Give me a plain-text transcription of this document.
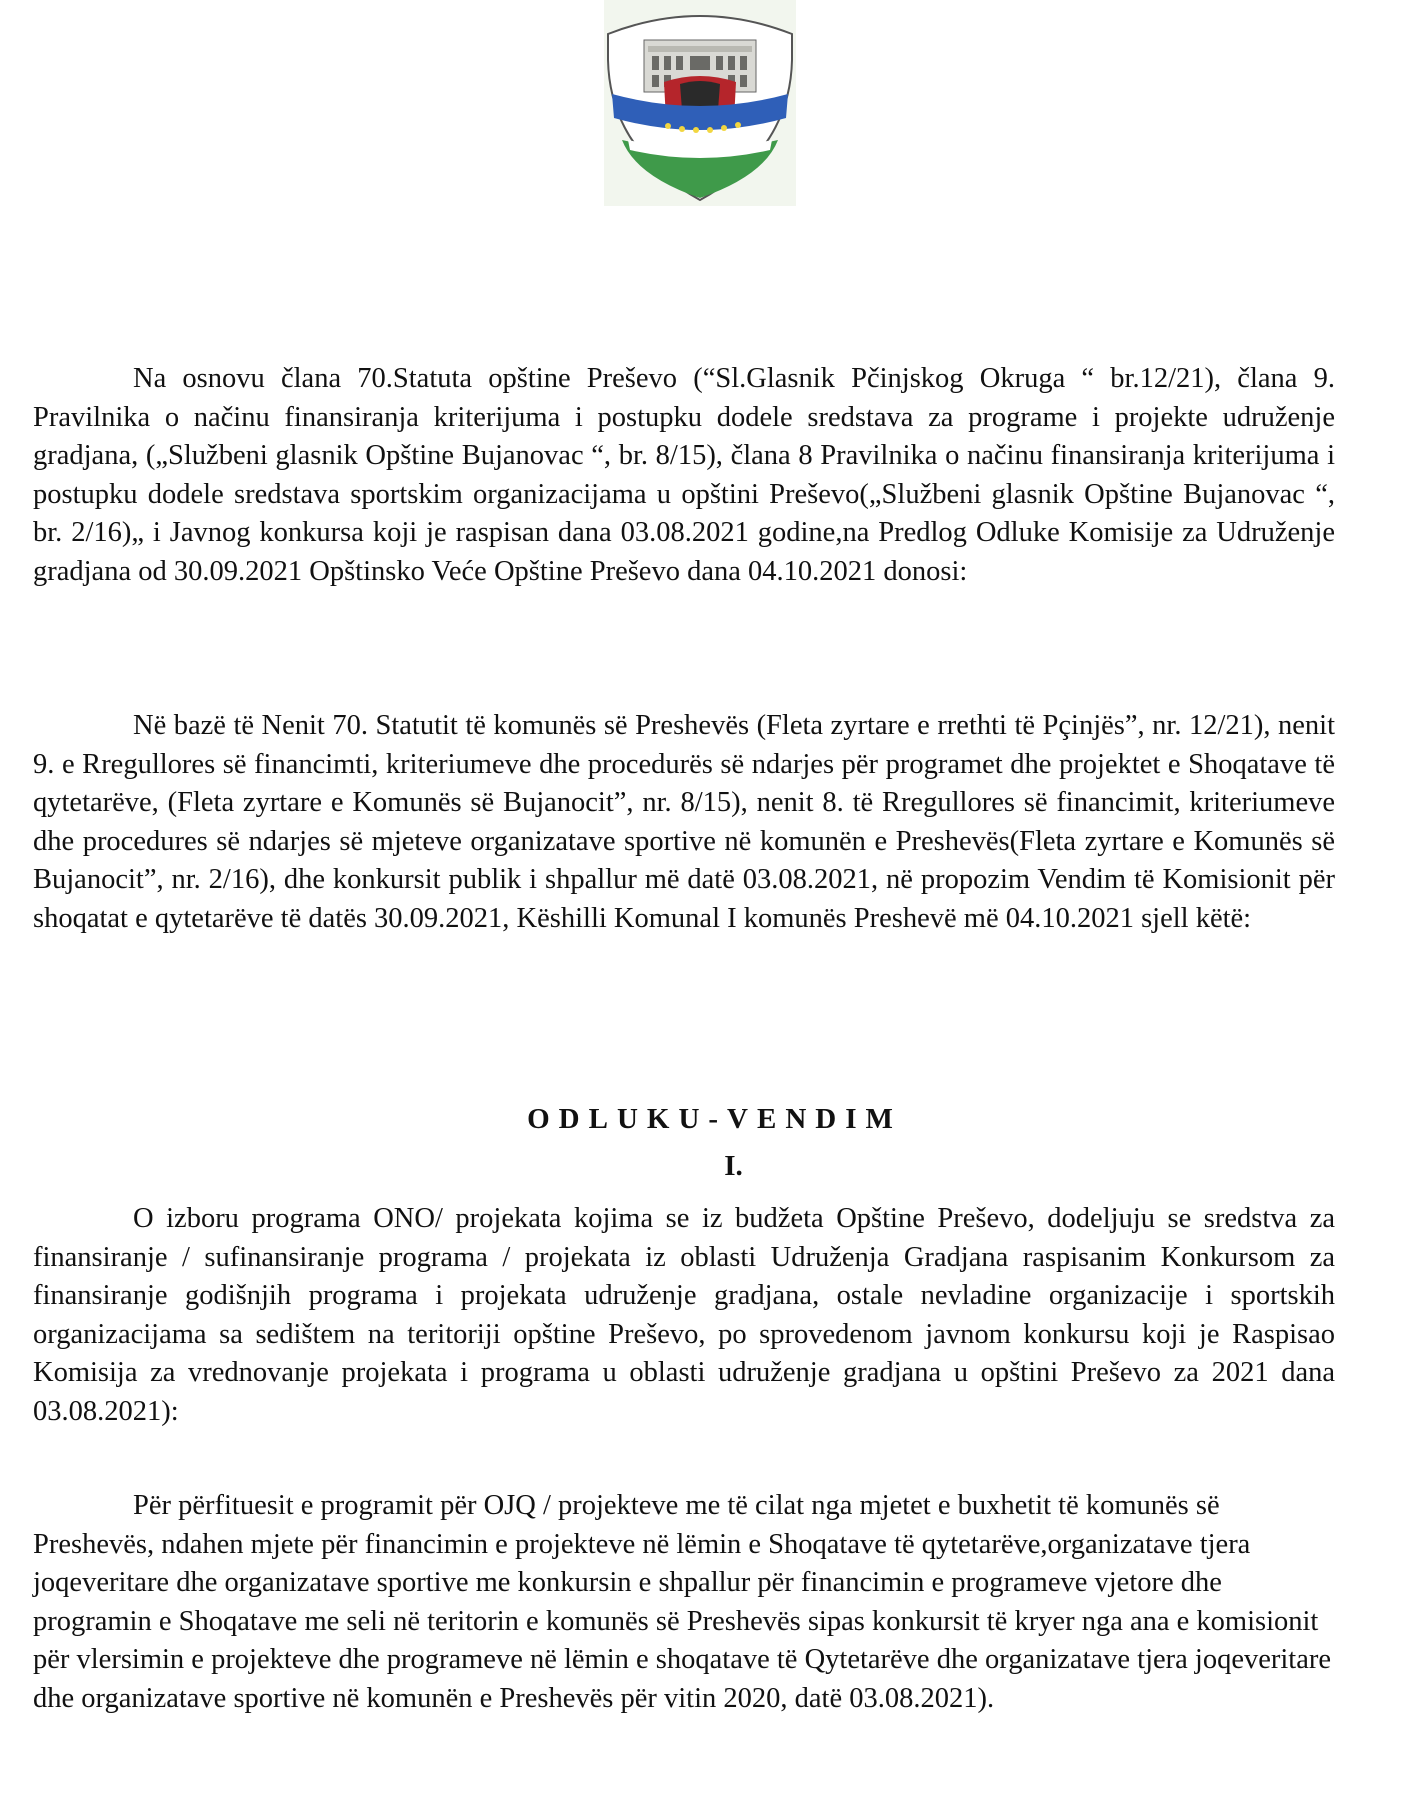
Na osnovu člana 70.Statuta opštine Preševo (“Sl.Glasnik Pčinjskog Okruga “ br.12/21), člana 9. Pravilnika o načinu finansiranja kriterijuma i postupku dodele sredstava za programe i projekte udruženje gradjana, („Službeni glasnik Opštine Bujanovac “, br. 8/15), člana 8 Pravilnika o načinu finansiranja kriterijuma i postupku dodele sredstava sportskim organizacijama u opštini Preševo(„Službeni glasnik Opštine Bujanovac “, br. 2/16)„ i Javnog konkursa koji je raspisan dana 03.08.2021 godine,na Predlog Odluke Komisije za Udruženje gradjana od 30.09.2021 Opštinsko Veće Opštine Preševo dana 04.10.2021 donosi:

Në bazë të Nenit 70. Statutit të komunës së Preshevës (Fleta zyrtare e rrethti të Pçinjës”, nr. 12/21), nenit 9. e Rregullores së financimti, kriteriumeve dhe procedurës së ndarjes për programet dhe projektet e Shoqatave të qytetarëve, (Fleta zyrtare e Komunës së Bujanocit”, nr. 8/15), nenit 8. të Rregullores së financimit, kriteriumeve dhe procedures së ndarjes së mjeteve organizatave sportive në komunën e Preshevës(Fleta zyrtare e Komunës së Bujanocit”, nr. 2/16), dhe konkursit publik i shpallur më datë 03.08.2021, në propozim Vendim të Komisionit për shoqatat e qytetarëve të datës 30.09.2021, Këshilli Komunal I komunës Preshevë më 04.10.2021 sjell këtë:

ODLUKU-VENDIM

I.

O izboru programa ONO/ projekata kojima se iz budžeta Opštine Preševo, dodeljuju se sredstva za finansiranje / sufinansiranje programa / projekata iz oblasti Udruženja Gradjana raspisanim Konkursom za finansiranje godišnjih programa i projekata udruženje gradjana, ostale nevladine organizacije i sportskih organizacijama sa sedištem na teritoriji opštine Preševo, po sprovedenom javnom konkursu koji je Raspisao Komisija za vrednovanje projekata i programa u oblasti udruženje gradjana u opštini Preševo za 2021 dana 03.08.2021):

Për përfituesit e programit për OJQ / projekteve me të cilat nga mjetet e buxhetit të komunës së Preshevës, ndahen mjete për financimin e projekteve në lëmin e Shoqatave të qytetarëve,organizatave tjera joqeveritare dhe organizatave sportive me konkursin e shpallur për financimin e programeve vjetore dhe programin e Shoqatave me seli në teritorin e komunës së Preshevës sipas konkursit të kryer nga ana e komisionit për vlersimin e projekteve dhe programeve në lëmin e shoqatave të Qytetarëve dhe organizatave tjera joqeveritare dhe organizatave sportive në komunën e Preshevës për vitin 2020, datë 03.08.2021).
